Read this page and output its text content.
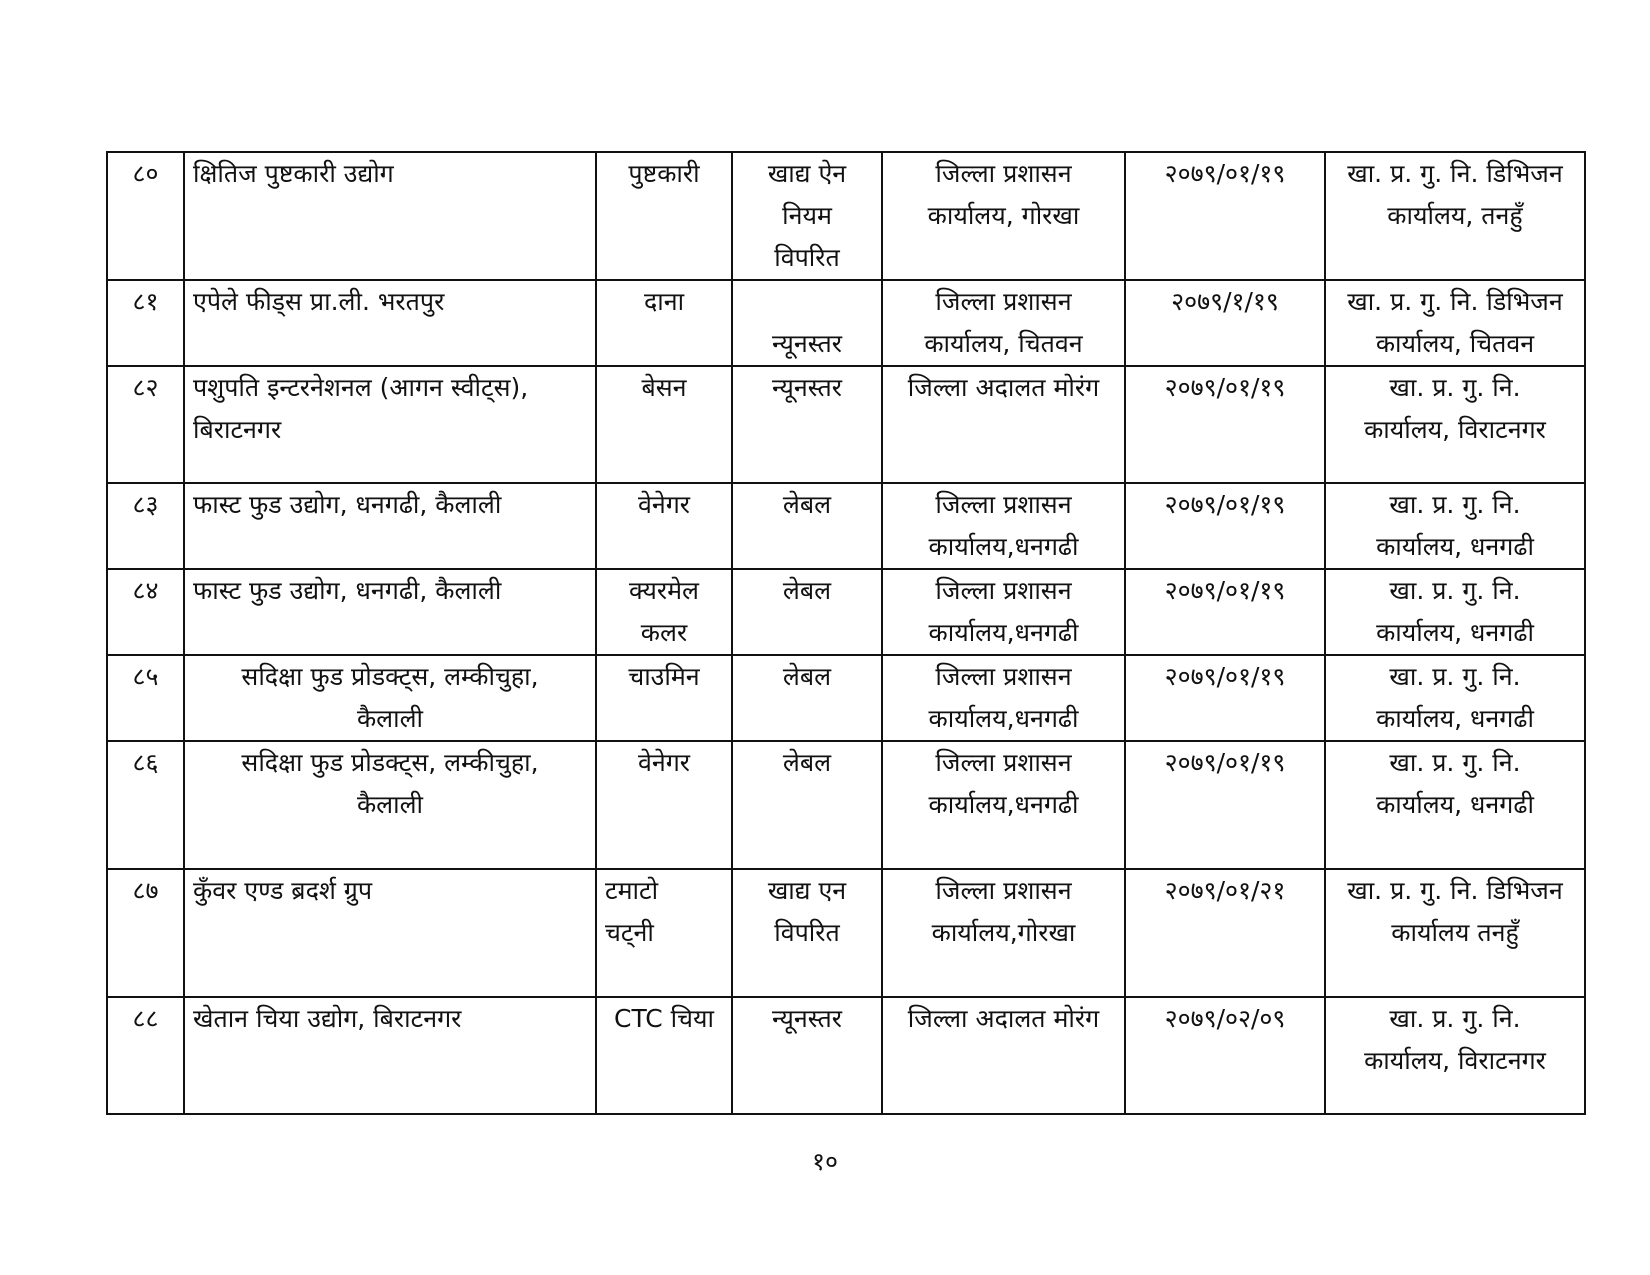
८०	क्षितिज पुष्टकारी उद्योग	पुष्टकारी	खाद्य ऐन
नियम
विपरित	जिल्ला प्रशासन
कार्यालय, गोरखा	२०७९/०१/१९	खा. प्र. गु. नि. डिभिजन
कार्यालय, तनहुँ

८१	एपेले फीड्स प्रा.ली. भरतपुर	दाना	न्यूनस्तर	जिल्ला प्रशासन
कार्यालय, चितवन	२०७९/१/१९	खा. प्र. गु. नि. डिभिजन
कार्यालय, चितवन

८२	पशुपति इन्टरनेशनल (आगन स्वीट्स),
बिराटनगर	बेसन	न्यूनस्तर	जिल्ला अदालत मोरंग	२०७९/०१/१९	खा. प्र. गु. नि.
कार्यालय, विराटनगर

८३	फास्ट फुड उद्योग, धनगढी, कैलाली	वेनेगर	लेबल	जिल्ला प्रशासन
कार्यालय,धनगढी	२०७९/०१/१९	खा. प्र. गु. नि.
कार्यालय, धनगढी

८४	फास्ट फुड उद्योग, धनगढी, कैलाली	क्यरमेल
कलर	लेबल	जिल्ला प्रशासन
कार्यालय,धनगढी	२०७९/०१/१९	खा. प्र. गु. नि.
कार्यालय, धनगढी

८५	सदिक्षा फुड प्रोडक्ट्स, लम्कीचुहा,
कैलाली	चाउमिन	लेबल	जिल्ला प्रशासन
कार्यालय,धनगढी	२०७९/०१/१९	खा. प्र. गु. नि.
कार्यालय, धनगढी

८६	सदिक्षा फुड प्रोडक्ट्स, लम्कीचुहा,
कैलाली	वेनेगर	लेबल	जिल्ला प्रशासन
कार्यालय,धनगढी	२०७९/०१/१९	खा. प्र. गु. नि.
कार्यालय, धनगढी

८७	कुँवर एण्ड ब्रदर्श ग्रुप	टमाटो
चट्नी	खाद्य एन
विपरित	जिल्ला प्रशासन
कार्यालय,गोरखा	२०७९/०१/२१	खा. प्र. गु. नि. डिभिजन
कार्यालय तनहुँ

८८	खेतान चिया उद्योग, बिराटनगर	CTC चिया	न्यूनस्तर	जिल्ला अदालत मोरंग	२०७९/०२/०९	खा. प्र. गु. नि.
कार्यालय, विराटनगर
१०
